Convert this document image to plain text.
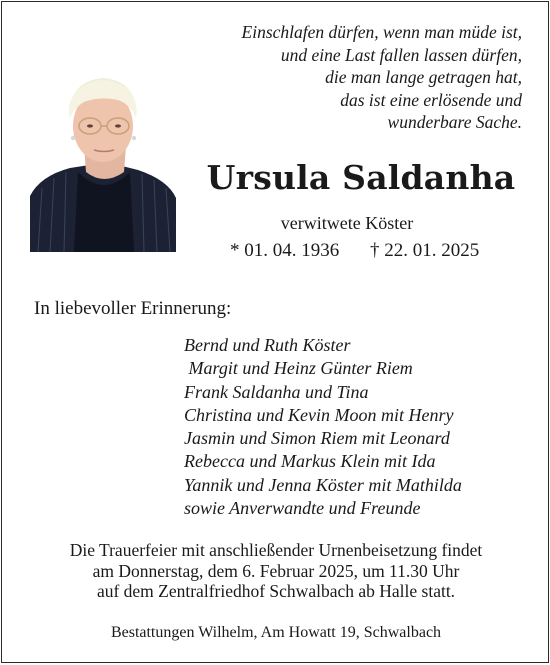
Einschlafen dürfen, wenn man müde ist,
und eine Last fallen lassen dürfen,
die man lange getragen hat,
das ist eine erlösende und
wunderbare Sache.
Ursula Saldanha
verwitwete Köster
* 01. 04. 1936 † 22. 01. 2025
In liebevoller Erinnerung:
Bernd und Ruth Köster
Margit und Heinz Günter Riem
Frank Saldanha und Tina
Christina und Kevin Moon mit Henry
Jasmin und Simon Riem mit Leonard
Rebecca und Markus Klein mit Ida
Yannik und Jenna Köster mit Mathilda
sowie Anverwandte und Freunde
Die Trauerfeier mit anschließender Urnenbeisetzung findet
am Donnerstag, dem 6. Februar 2025, um 11.30 Uhr
auf dem Zentralfriedhof Schwalbach ab Halle statt.
Bestattungen Wilhelm, Am Howatt 19, Schwalbach
